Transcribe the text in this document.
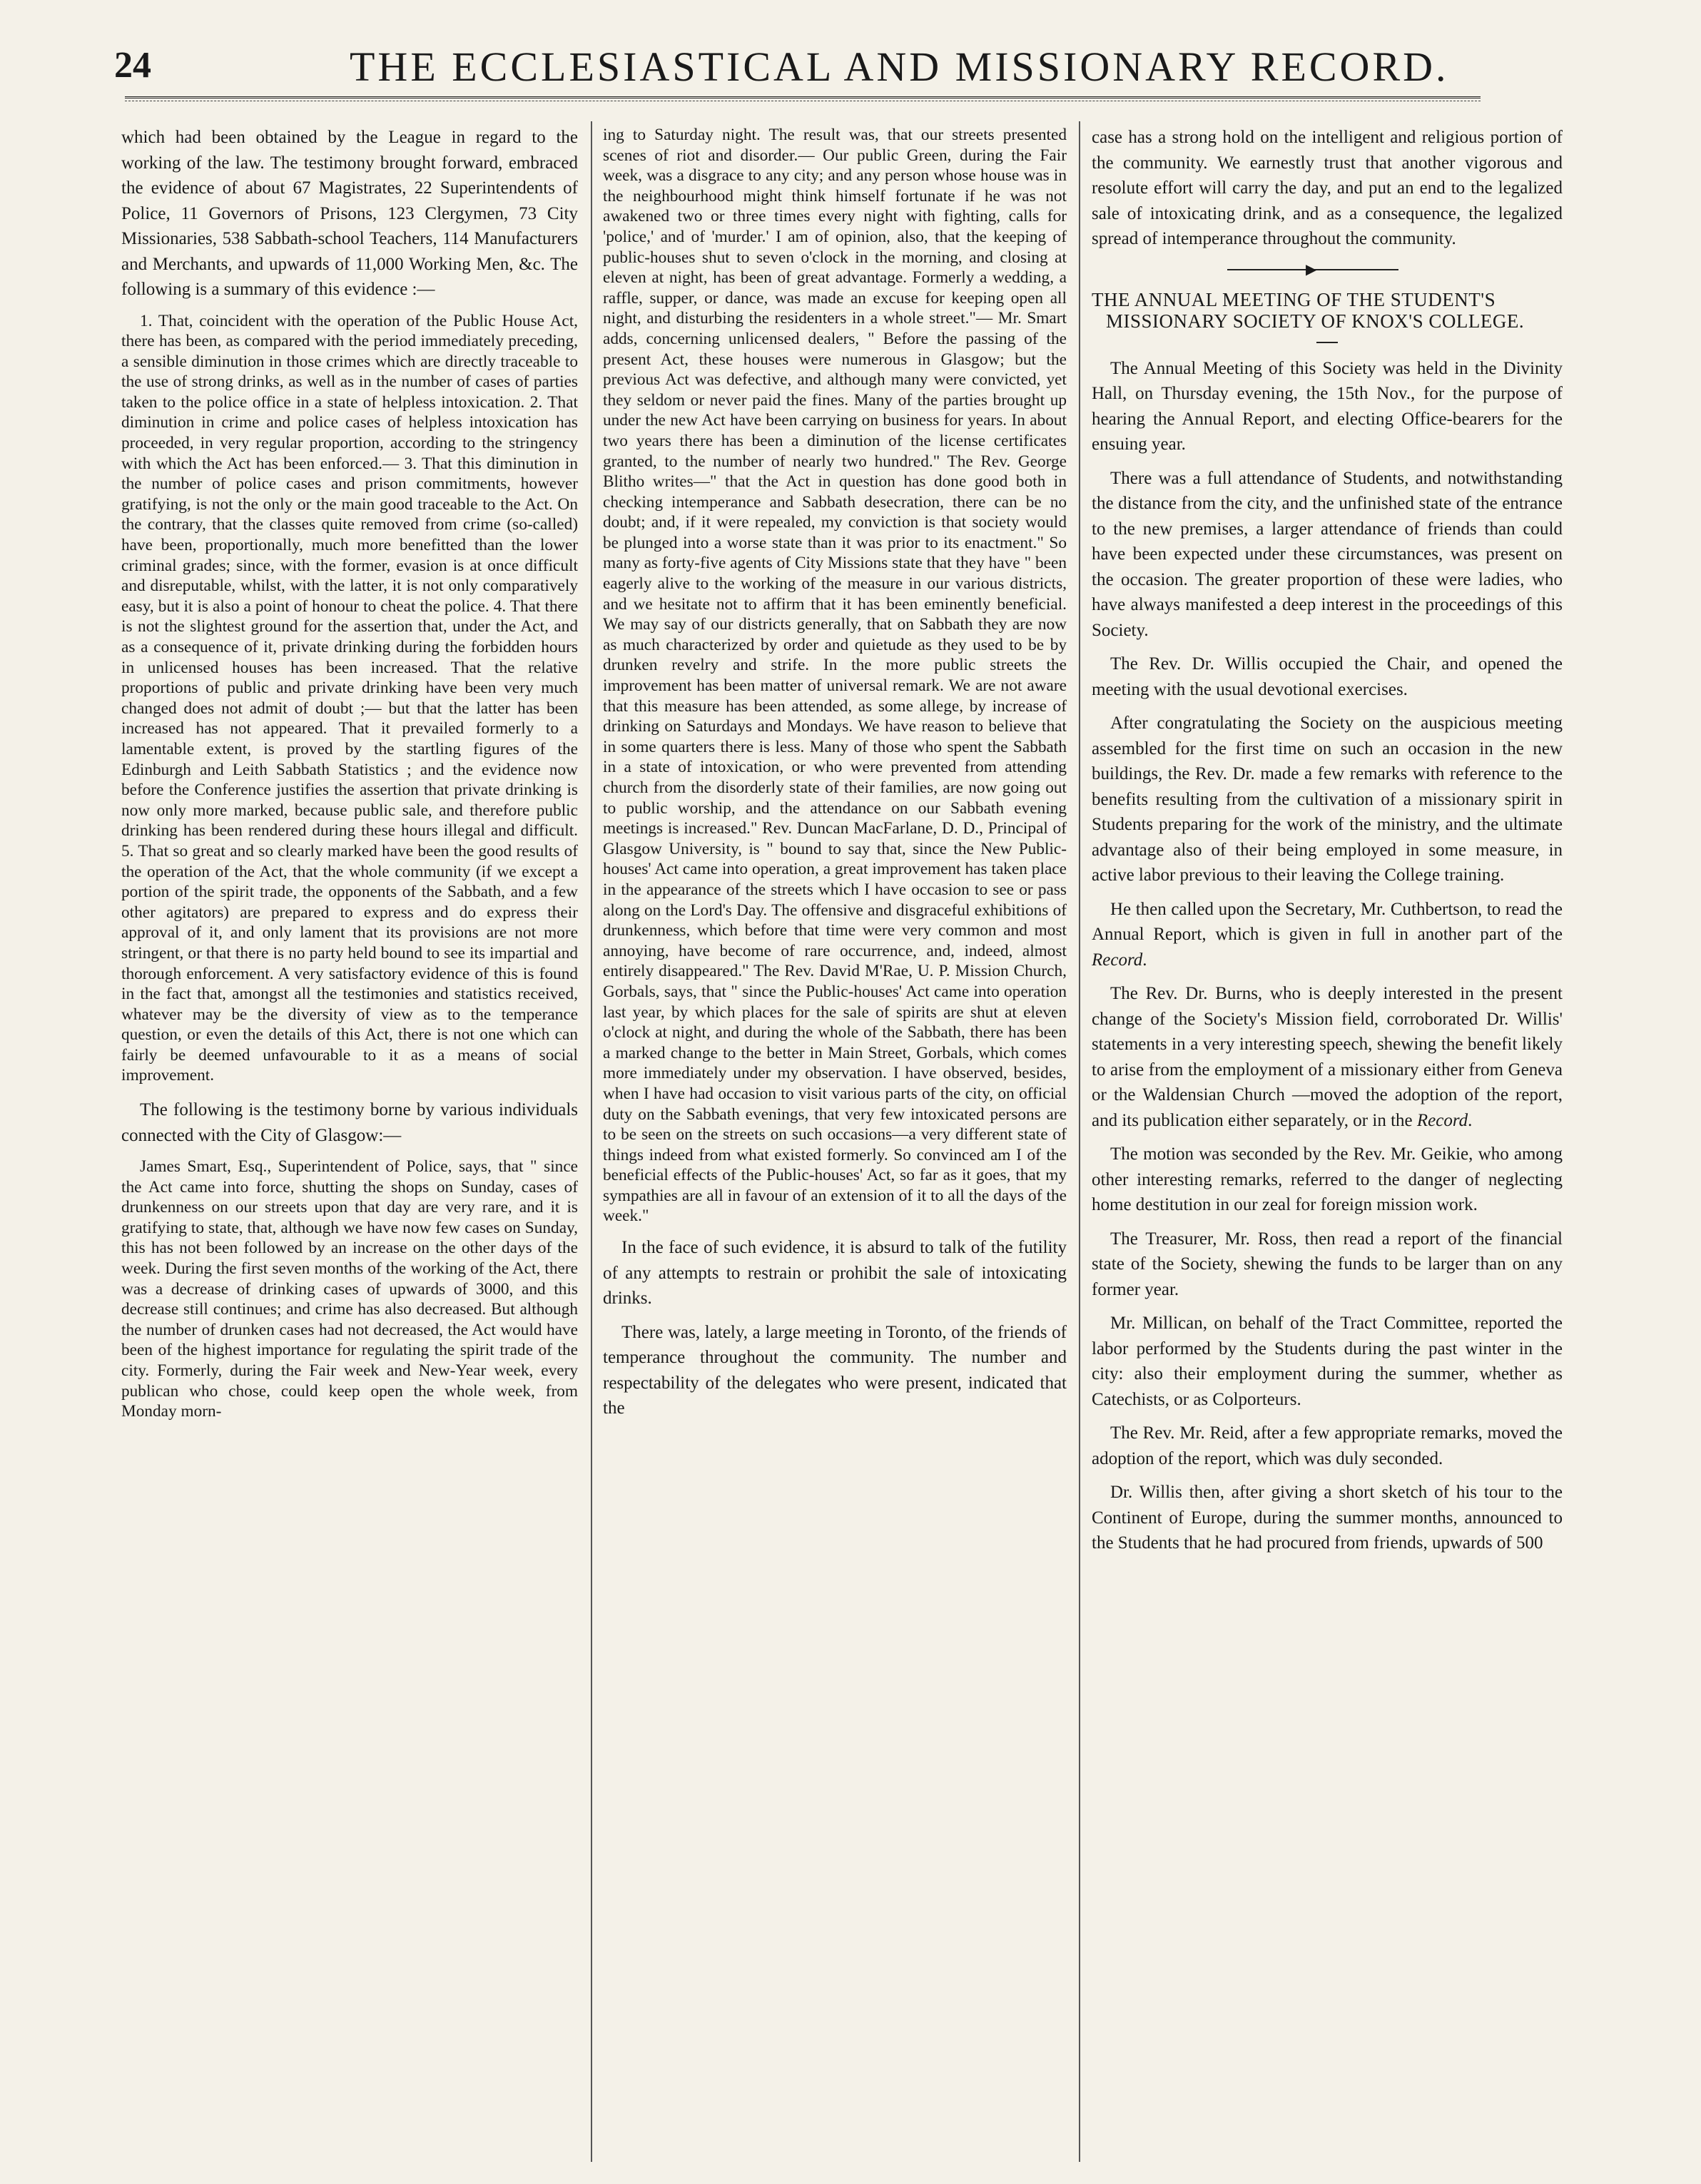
24	THE ECCLESIASTICAL AND MISSIONARY RECORD.

which had been obtained by the League in regard to the working of the law. The testimony brought forward, embraced the evidence of about 67 Magistrates, 22 Superintendents of Police, 11 Governors of Prisons, 123 Clergymen, 73 City Missionaries, 538 Sabbath-school Teachers, 114 Manufacturers and Merchants, and upwards of 11,000 Working Men, &c. The following is a summary of this evidence :—

1. That, coincident with the operation of the Public House Act, there has been, as compared with the period immediately preceding, a sensible diminution in those crimes which are directly traceable to the use of strong drinks, as well as in the number of cases of parties taken to the police office in a state of helpless intoxication. 2. That diminution in crime and police cases of helpless intoxication has proceeded, in very regular proportion, according to the stringency with which the Act has been enforced.— 3. That this diminution in the number of police cases and prison commitments, however gratifying, is not the only or the main good traceable to the Act. On the contrary, that the classes quite removed from crime (so-called) have been, proportionally, much more benefitted than the lower criminal grades; since, with the former, evasion is at once difficult and disreputable, whilst, with the latter, it is not only comparatively easy, but it is also a point of honour to cheat the police. 4. That there is not the slightest ground for the assertion that, under the Act, and as a consequence of it, private drinking during the forbidden hours in unlicensed houses has been increased. That the relative proportions of public and private drinking have been very much changed does not admit of doubt ;— but that the latter has been increased has not appeared. That it prevailed formerly to a lamentable extent, is proved by the startling figures of the Edinburgh and Leith Sabbath Statistics ; and the evidence now before the Conference justifies the assertion that private drinking is now only more marked, because public sale, and therefore public drinking has been rendered during these hours illegal and difficult. 5. That so great and so clearly marked have been the good results of the operation of the Act, that the whole community (if we except a portion of the spirit trade, the opponents of the Sabbath, and a few other agitators) are prepared to express and do express their approval of it, and only lament that its provisions are not more stringent, or that there is no party held bound to see its impartial and thorough enforcement. A very satisfactory evidence of this is found in the fact that, amongst all the testimonies and statistics received, whatever may be the diversity of view as to the temperance question, or even the details of this Act, there is not one which can fairly be deemed unfavourable to it as a means of social improvement.

The following is the testimony borne by various individuals connected with the City of Glasgow:—

James Smart, Esq., Superintendent of Police, says, that " since the Act came into force, shutting the shops on Sunday, cases of drunkenness on our streets upon that day are very rare, and it is gratifying to state, that, although we have now few cases on Sunday, this has not been followed by an increase on the other days of the week. During the first seven months of the working of the Act, there was a decrease of drinking cases of upwards of 3000, and this decrease still continues; and crime has also decreased. But although the number of drunken cases had not decreased, the Act would have been of the highest importance for regulating the spirit trade of the city. Formerly, during the Fair week and New-Year week, every publican who chose, could keep open the whole week, from Monday morn-

ing to Saturday night. The result was, that our streets presented scenes of riot and disorder.— Our public Green, during the Fair week, was a disgrace to any city; and any person whose house was in the neighbourhood might think himself fortunate if he was not awakened two or three times every night with fighting, calls for 'police,' and of 'murder.' I am of opinion, also, that the keeping of public-houses shut to seven o'clock in the morning, and closing at eleven at night, has been of great advantage. Formerly a wedding, a raffle, supper, or dance, was made an excuse for keeping open all night, and disturbing the residenters in a whole street."— Mr. Smart adds, concerning unlicensed dealers, " Before the passing of the present Act, these houses were numerous in Glasgow; but the previous Act was defective, and although many were convicted, yet they seldom or never paid the fines. Many of the parties brought up under the new Act have been carrying on business for years. In about two years there has been a diminution of the license certificates granted, to the number of nearly two hundred." The Rev. George Blitho writes—" that the Act in question has done good both in checking intemperance and Sabbath desecration, there can be no doubt; and, if it were repealed, my conviction is that society would be plunged into a worse state than it was prior to its enactment." So many as forty-five agents of City Missions state that they have " been eagerly alive to the working of the measure in our various districts, and we hesitate not to affirm that it has been eminently beneficial. We may say of our districts generally, that on Sabbath they are now as much characterized by order and quietude as they used to be by drunken revelry and strife. In the more public streets the improvement has been matter of universal remark. We are not aware that this measure has been attended, as some allege, by increase of drinking on Saturdays and Mondays. We have reason to believe that in some quarters there is less. Many of those who spent the Sabbath in a state of intoxication, or who were prevented from attending church from the disorderly state of their families, are now going out to public worship, and the attendance on our Sabbath evening meetings is increased." Rev. Duncan MacFarlane, D. D., Principal of Glasgow University, is " bound to say that, since the New Public-houses' Act came into operation, a great improvement has taken place in the appearance of the streets which I have occasion to see or pass along on the Lord's Day. The offensive and disgraceful exhibitions of drunkenness, which before that time were very common and most annoying, have become of rare occurrence, and, indeed, almost entirely disappeared." The Rev. David M'Rae, U. P. Mission Church, Gorbals, says, that " since the Public-houses' Act came into operation last year, by which places for the sale of spirits are shut at eleven o'clock at night, and during the whole of the Sabbath, there has been a marked change to the better in Main Street, Gorbals, which comes more immediately under my observation. I have observed, besides, when I have had occasion to visit various parts of the city, on official duty on the Sabbath evenings, that very few intoxicated persons are to be seen on the streets on such occasions—a very different state of things indeed from what existed formerly. So convinced am I of the beneficial effects of the Public-houses' Act, so far as it goes, that my sympathies are all in favour of an extension of it to all the days of the week."

In the face of such evidence, it is absurd to talk of the futility of any attempts to restrain or prohibit the sale of intoxicating drinks.

There was, lately, a large meeting in Toronto, of the friends of temperance throughout the community. The number and respectability of the delegates who were present, indicated that the

case has a strong hold on the intelligent and religious portion of the community. We earnestly trust that another vigorous and resolute effort will carry the day, and put an end to the legalized sale of intoxicating drink, and as a consequence, the legalized spread of intemperance throughout the community.

▶
THE ANNUAL MEETING OF THE STUDENT'S MISSIONARY SOCIETY OF KNOX'S COLLEGE.

The Annual Meeting of this Society was held in the Divinity Hall, on Thursday evening, the 15th Nov., for the purpose of hearing the Annual Report, and electing Office-bearers for the ensuing year.

There was a full attendance of Students, and notwithstanding the distance from the city, and the unfinished state of the entrance to the new premises, a larger attendance of friends than could have been expected under these circumstances, was present on the occasion. The greater proportion of these were ladies, who have always manifested a deep interest in the proceedings of this Society.

The Rev. Dr. Willis occupied the Chair, and opened the meeting with the usual devotional exercises.

After congratulating the Society on the auspicious meeting assembled for the first time on such an occasion in the new buildings, the Rev. Dr. made a few remarks with reference to the benefits resulting from the cultivation of a missionary spirit in Students preparing for the work of the ministry, and the ultimate advantage also of their being employed in some measure, in active labor previous to their leaving the College training.

He then called upon the Secretary, Mr. Cuthbertson, to read the Annual Report, which is given in full in another part of the Record.

The Rev. Dr. Burns, who is deeply interested in the present change of the Society's Mission field, corroborated Dr. Willis' statements in a very interesting speech, shewing the benefit likely to arise from the employment of a missionary either from Geneva or the Waldensian Church —moved the adoption of the report, and its publication either separately, or in the Record.

The motion was seconded by the Rev. Mr. Geikie, who among other interesting remarks, referred to the danger of neglecting home destitution in our zeal for foreign mission work.

The Treasurer, Mr. Ross, then read a report of the financial state of the Society, shewing the funds to be larger than on any former year.

Mr. Millican, on behalf of the Tract Committee, reported the labor performed by the Students during the past winter in the city: also their employment during the summer, whether as Catechists, or as Colporteurs.

The Rev. Mr. Reid, after a few appropriate remarks, moved the adoption of the report, which was duly seconded.

Dr. Willis then, after giving a short sketch of his tour to the Continent of Europe, during the summer months, announced to the Students that he had procured from friends, upwards of 500
